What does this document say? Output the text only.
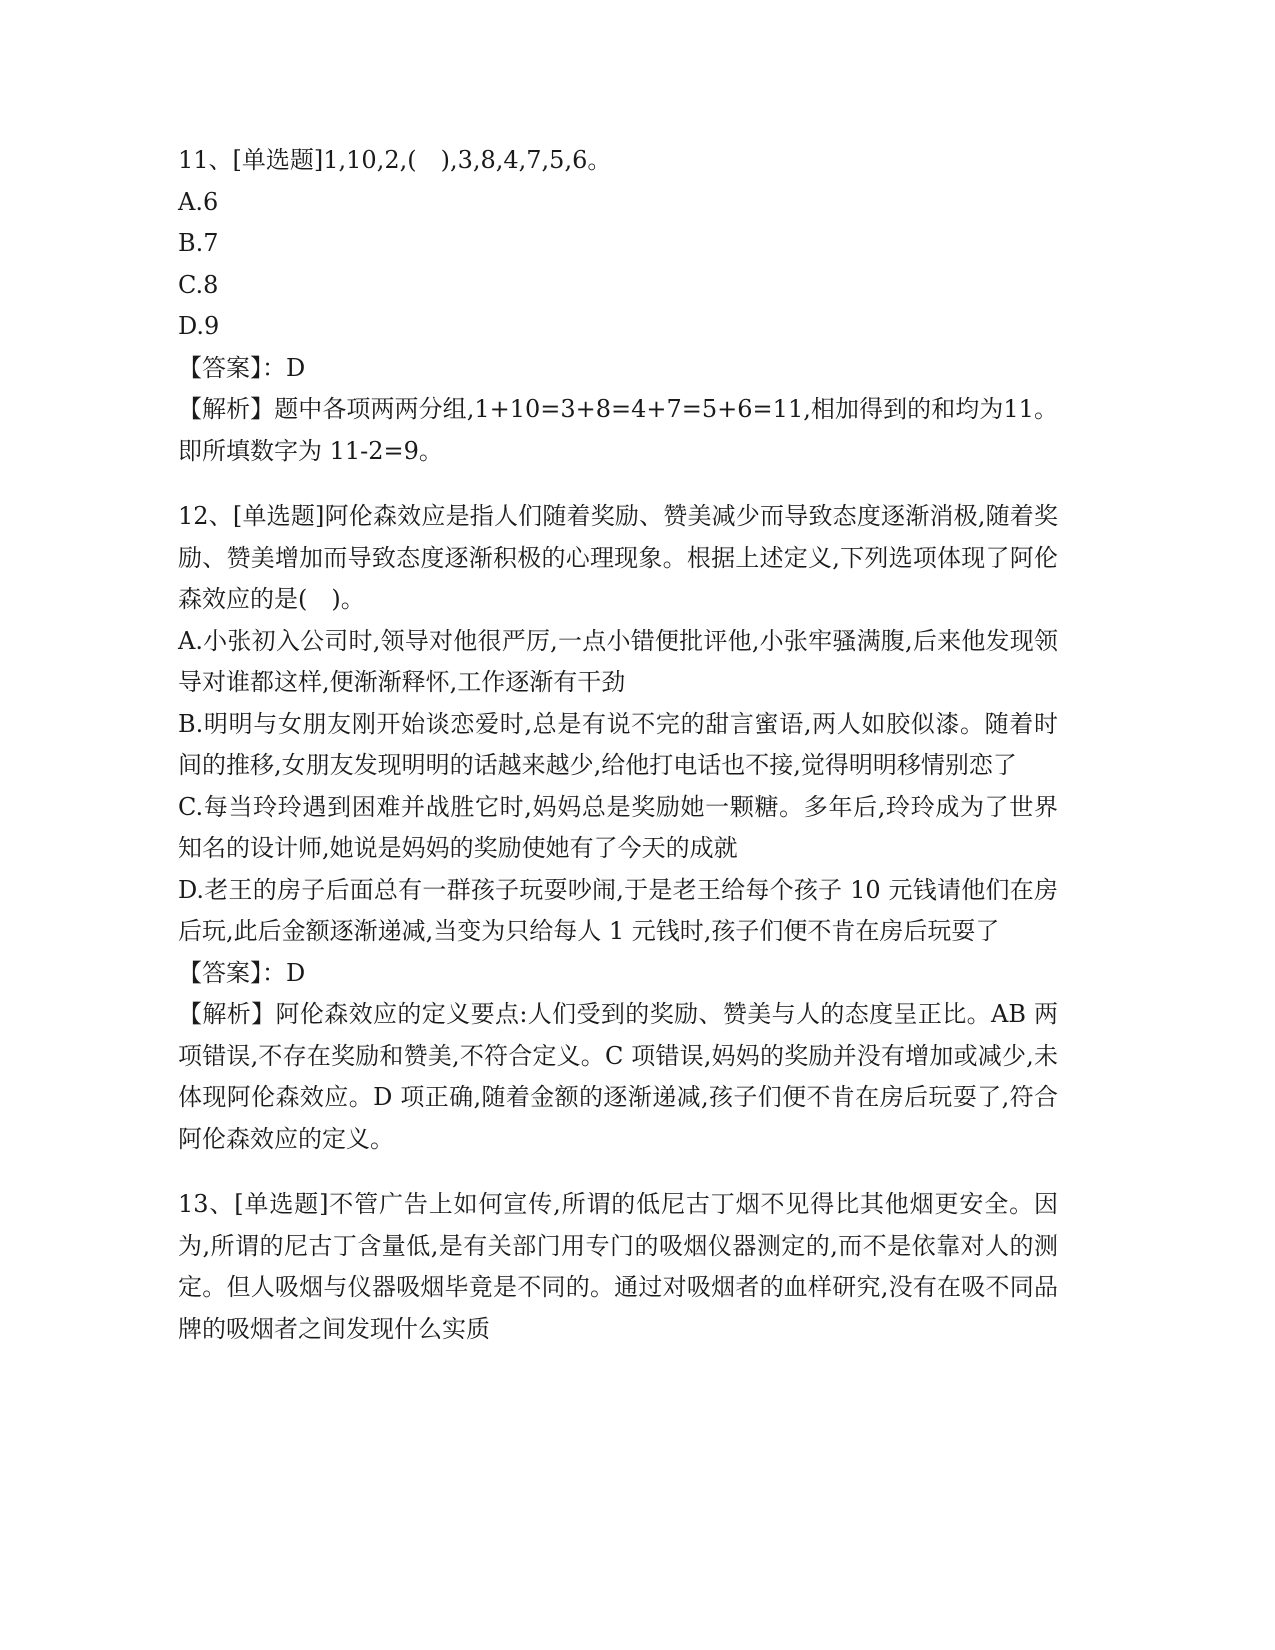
11、[单选题]1,10,2,(　),3,8,4,7,5,6。
A.6
B.7
C.8
D.9
【答案】：D
【解析】题中各项两两分组,1+10=3+8=4+7=5+6=11,相加得到的和均为11。即所填数字为 11-2=9。
12、[单选题]阿伦森效应是指人们随着奖励、赞美减少而导致态度逐渐消极,随着奖励、赞美增加而导致态度逐渐积极的心理现象。根据上述定义,下列选项体现了阿伦森效应的是(　)。
A.小张初入公司时,领导对他很严厉,一点小错便批评他,小张牢骚满腹,后来他发现领导对谁都这样,便渐渐释怀,工作逐渐有干劲
B.明明与女朋友刚开始谈恋爱时,总是有说不完的甜言蜜语,两人如胶似漆。随着时间的推移,女朋友发现明明的话越来越少,给他打电话也不接,觉得明明移情别恋了
C.每当玲玲遇到困难并战胜它时,妈妈总是奖励她一颗糖。多年后,玲玲成为了世界知名的设计师,她说是妈妈的奖励使她有了今天的成就
D.老王的房子后面总有一群孩子玩耍吵闹,于是老王给每个孩子 10 元钱请他们在房后玩,此后金额逐渐递减,当变为只给每人 1 元钱时,孩子们便不肯在房后玩耍了
【答案】：D
【解析】阿伦森效应的定义要点:人们受到的奖励、赞美与人的态度呈正比。AB 两项错误,不存在奖励和赞美,不符合定义。C 项错误,妈妈的奖励并没有增加或减少,未体现阿伦森效应。D 项正确,随着金额的逐渐递减,孩子们便不肯在房后玩耍了,符合阿伦森效应的定义。
13、[单选题]不管广告上如何宣传,所谓的低尼古丁烟不见得比其他烟更安全。因为,所谓的尼古丁含量低,是有关部门用专门的吸烟仪器测定的,而不是依靠对人的测定。但人吸烟与仪器吸烟毕竟是不同的。通过对吸烟者的血样研究,没有在吸不同品牌的吸烟者之间发现什么实质
